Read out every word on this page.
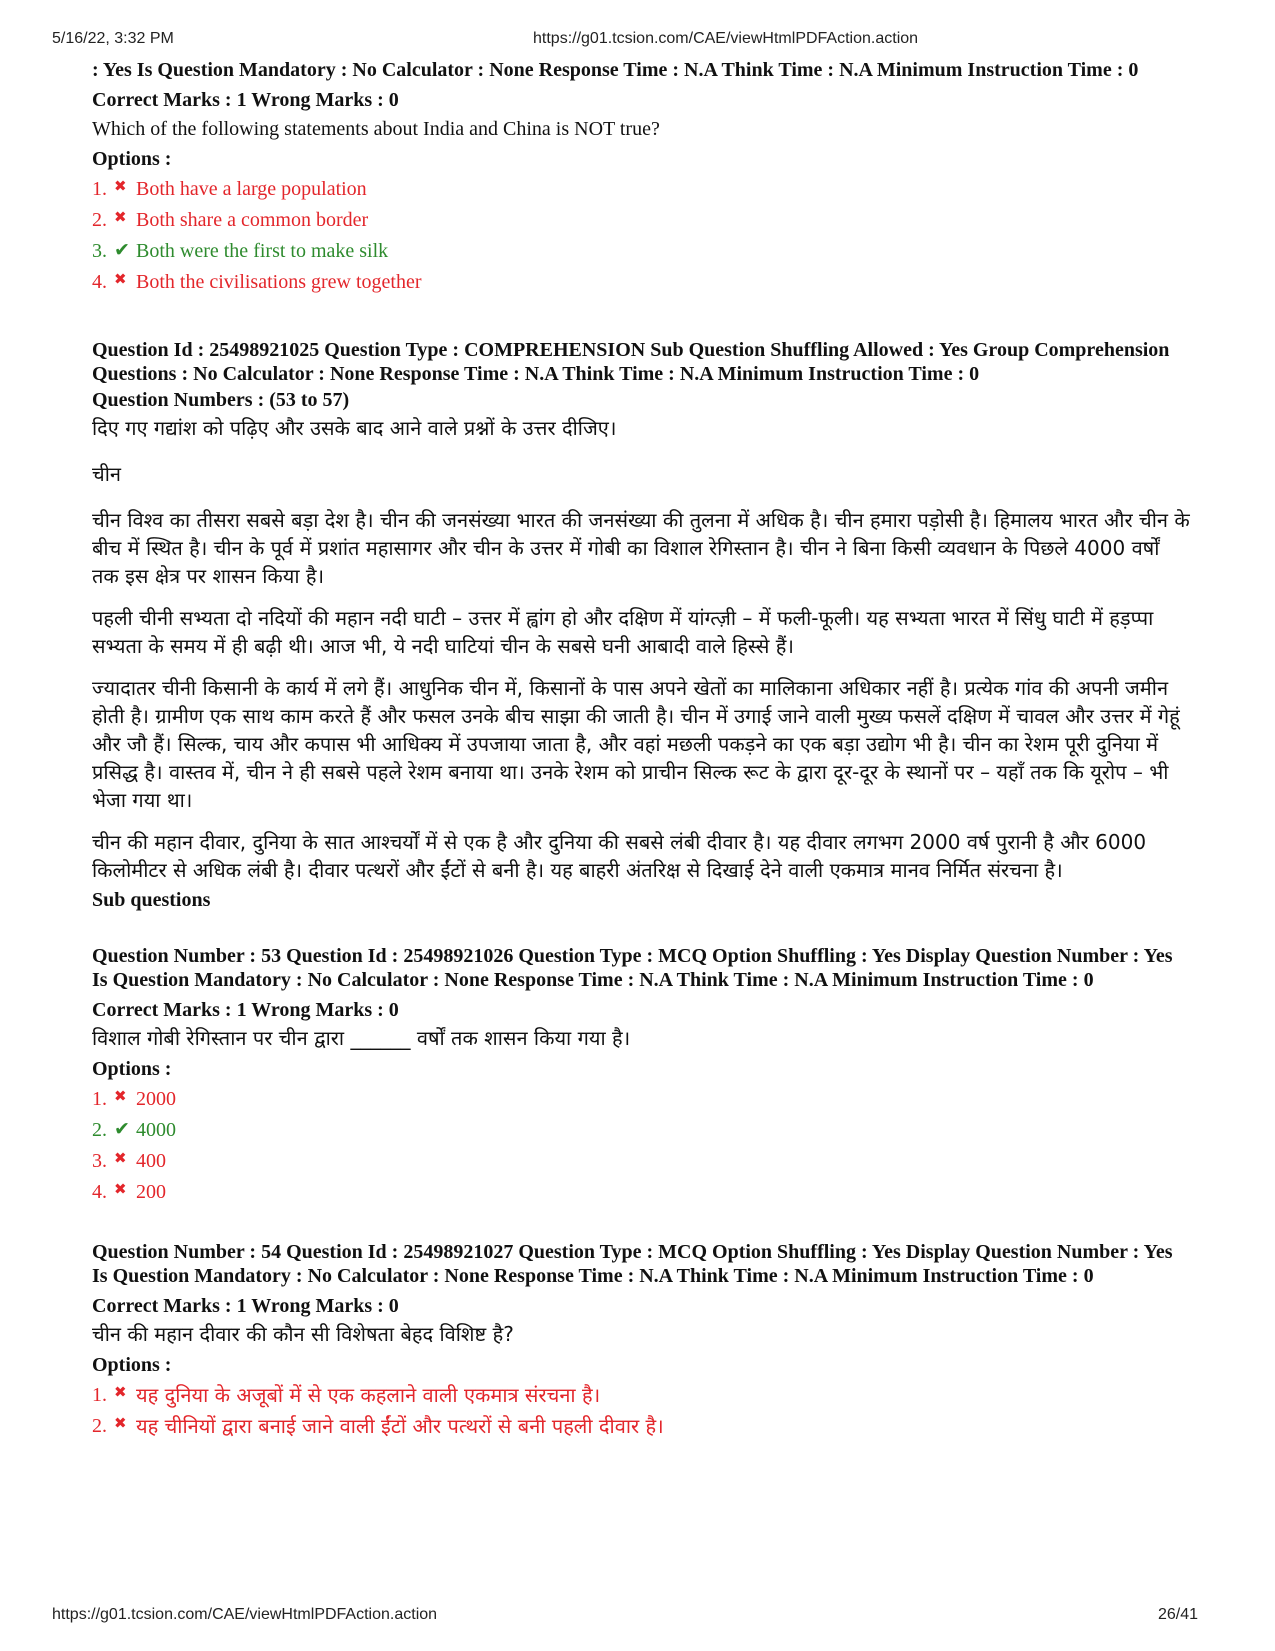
5/16/22, 3:32 PM	https://g01.tcsion.com/CAE/viewHtmlPDFAction.action
: Yes Is Question Mandatory : No Calculator : None Response Time : N.A Think Time : N.A Minimum Instruction Time : 0
Correct Marks : 1 Wrong Marks : 0
Which of the following statements about India and China is NOT true?
Options :
1. ✖ Both have a large population
2. ✖ Both share a common border
3. ✔ Both were the first to make silk
4. ✖ Both the civilisations grew together
Question Id : 25498921025 Question Type : COMPREHENSION Sub Question Shuffling Allowed : Yes Group Comprehension Questions : No Calculator : None Response Time : N.A Think Time : N.A Minimum Instruction Time : 0
Question Numbers : (53 to 57)
दिए गए गद्यांश को पढ़िए और उसके बाद आने वाले प्रश्नों के उत्तर दीजिए।
चीन
चीन विश्व का तीसरा सबसे बड़ा देश है। चीन की जनसंख्या भारत की जनसंख्या की तुलना में अधिक है। चीन हमारा पड़ोसी है। हिमालय भारत और चीन के बीच में स्थित है। चीन के पूर्व में प्रशांत महासागर और चीन के उत्तर में गोबी का विशाल रेगिस्तान है। चीन ने बिना किसी व्यवधान के पिछले 4000 वर्षों तक इस क्षेत्र पर शासन किया है।
पहली चीनी सभ्यता दो नदियों की महान नदी घाटी – उत्तर में ह्वांग हो और दक्षिण में यांग्त्ज़ी – में फली-फूली। यह सभ्यता भारत में सिंधु घाटी में हड़प्पा सभ्यता के समय में ही बढ़ी थी। आज भी, ये नदी घाटियां चीन के सबसे घनी आबादी वाले हिस्से हैं।
ज्यादातर चीनी किसानी के कार्य में लगे हैं। आधुनिक चीन में, किसानों के पास अपने खेतों का मालिकाना अधिकार नहीं है। प्रत्येक गांव की अपनी जमीन होती है। ग्रामीण एक साथ काम करते हैं और फसल उनके बीच साझा की जाती है। चीन में उगाई जाने वाली मुख्य फसलें दक्षिण में चावल और उत्तर में गेहूं और जौ हैं। सिल्क, चाय और कपास भी आधिक्य में उपजाया जाता है, और वहां मछली पकड़ने का एक बड़ा उद्योग भी है। चीन का रेशम पूरी दुनिया में प्रसिद्ध है। वास्तव में, चीन ने ही सबसे पहले रेशम बनाया था। उनके रेशम को प्राचीन सिल्क रूट के द्वारा दूर-दूर के स्थानों पर – यहाँ तक कि यूरोप – भी भेजा गया था।
चीन की महान दीवार, दुनिया के सात आश्चर्यों में से एक है और दुनिया की सबसे लंबी दीवार है। यह दीवार लगभग 2000 वर्ष पुरानी है और 6000 किलोमीटर से अधिक लंबी है। दीवार पत्थरों और ईंटों से बनी है। यह बाहरी अंतरिक्ष से दिखाई देने वाली एकमात्र मानव निर्मित संरचना है।
Sub questions
Question Number : 53 Question Id : 25498921026 Question Type : MCQ Option Shuffling : Yes Display Question Number : Yes Is Question Mandatory : No Calculator : None Response Time : N.A Think Time : N.A Minimum Instruction Time : 0
Correct Marks : 1 Wrong Marks : 0
विशाल गोबी रेगिस्तान पर चीन द्वारा ______ वर्षों तक शासन किया गया है।
Options :
1. ✖ 2000
2. ✔ 4000
3. ✖ 400
4. ✖ 200
Question Number : 54 Question Id : 25498921027 Question Type : MCQ Option Shuffling : Yes Display Question Number : Yes Is Question Mandatory : No Calculator : None Response Time : N.A Think Time : N.A Minimum Instruction Time : 0
Correct Marks : 1 Wrong Marks : 0
चीन की महान दीवार की कौन सी विशेषता बेहद विशिष्ट है?
Options :
1. ✖ यह दुनिया के अजूबों में से एक कहलाने वाली एकमात्र संरचना है।
2. ✖ यह चीनियों द्वारा बनाई जाने वाली ईंटों और पत्थरों से बनी पहली दीवार है।
https://g01.tcsion.com/CAE/viewHtmlPDFAction.action	26/41
